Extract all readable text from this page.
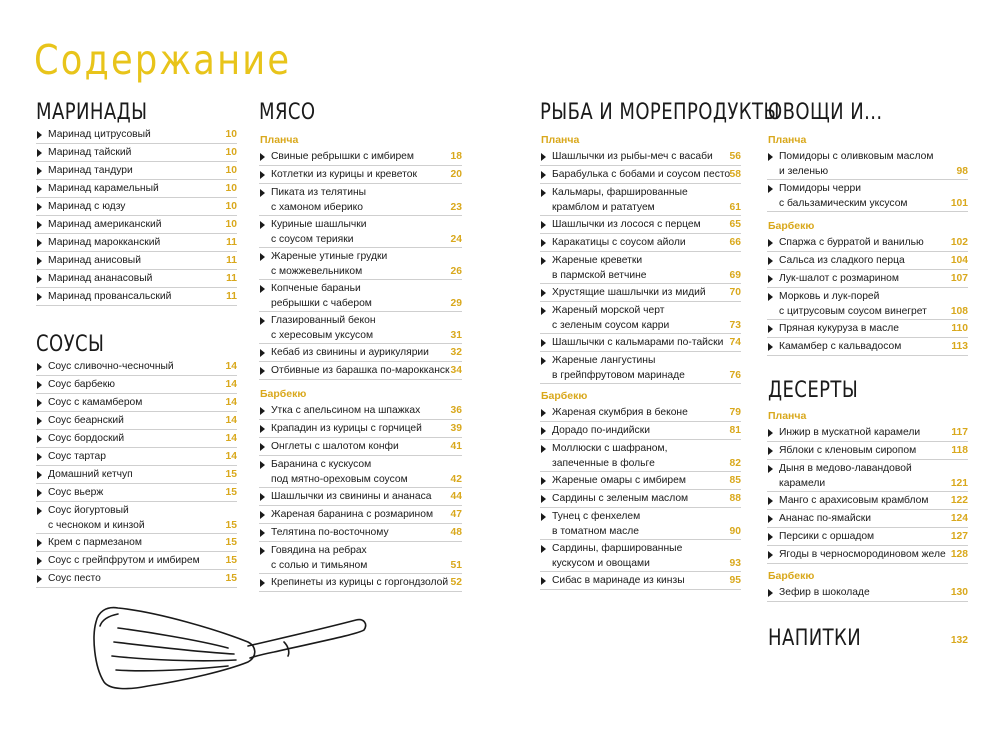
Содержание
МАРИНАДЫ
Маринад цитрусовый	10
Маринад тайский	10
Маринад тандури	10
Маринад карамельный	10
Маринад с юдзу	10
Маринад американский	10
Маринад марокканский	11
Маринад анисовый	11
Маринад ананасовый	11
Маринад провансальский	11
СОУСЫ
Соус сливочно-чесночный	14
Соус барбекю	14
Соус с камамбером	14
Соус беарнский	14
Соус бордоский	14
Соус тартар	14
Домашний кетчуп	15
Соус вьерж	15
Соус йогуртовый
с чесноком и кинзой	15
Крем с пармезаном	15
Соус с грейпфрутом и имбирем	15
Соус песто	15
МЯСО
Планча
Свиные ребрышки с имбирем	18
Котлетки из курицы и креветок	20
Пиката из телятины
с хамоном иберико	23
Куриные шашлычки
с соусом терияки	24
Жареные утиные грудки
с можжевельником	26
Копченые бараньи
ребрышки с чабером	29
Глазированный бекон
с хересовым уксусом	31
Кебаб из свинины и аурикулярии	32
Отбивные из барашка по-марокканск 34
Барбекю
Утка с апельсином на шпажках	36
Крападин из курицы с горчицей	39
Онглеты с шалотом конфи	41
Баранина с кускусом
под мятно-ореховым соусом	42
Шашлычки из свинины и ананаса	44
Жареная баранина с розмарином	47
Телятина по-восточному	48
Говядина на ребрах
с солью и тимьяном	51
Крепинеты из курицы с горгондзолой 52
РЫБА И МОРЕПРОДУКТЫ
Планча
Шашлычки из рыбы-меч с васаби	56
Барабулька с бобами и соусом песто 58
Кальмары, фаршированные
крамблом и рататуем	61
Шашлычки из лосося с перцем	65
Каракатицы с соусом айоли	66
Жареные креветки
в пармской ветчине	69
Хрустящие шашлычки из мидий	70
Жареный морской черт
с зеленым соусом карри	73
Шашлычки с кальмарами по-тайски 74
Жареные лангустины
в грейпфрутовом маринаде	76
Барбекю
Жареная скумбрия в беконе	79
Дорадо по-индийски	81
Моллюски с шафраном,
запеченные в фольге	82
Жареные омары с имбирем	85
Сардины с зеленым маслом	88
Тунец с фенхелем
в томатном масле	90
Сардины, фаршированные
кускусом и овощами	93
Сибас в маринаде из кинзы	95
ОВОЩИ И...
Планча
Помидоры с оливковым маслом
и зеленью	98
Помидоры черри
с бальзамическим уксусом	101
Барбекю
Спаржа с бурратой и ванилью	102
Сальса из сладкого перца	104
Лук-шалот с розмарином	107
Морковь и лук-порей
с цитрусовым соусом винегрет	108
Пряная кукуруза в масле	110
Камамбер с кальвадосом	113
ДЕСЕРТЫ
Планча
Инжир в мускатной карамели	117
Яблоки с кленовым сиропом	118
Дыня в медово-лавандовой
карамели	121
Манго с арахисовым крамблом	122
Ананас по-ямайски	124
Персики с оршадом	127
Ягоды в черносмородиновом желе 128
Барбекю
Зефир в шоколаде	130
НАПИТКИ	132
